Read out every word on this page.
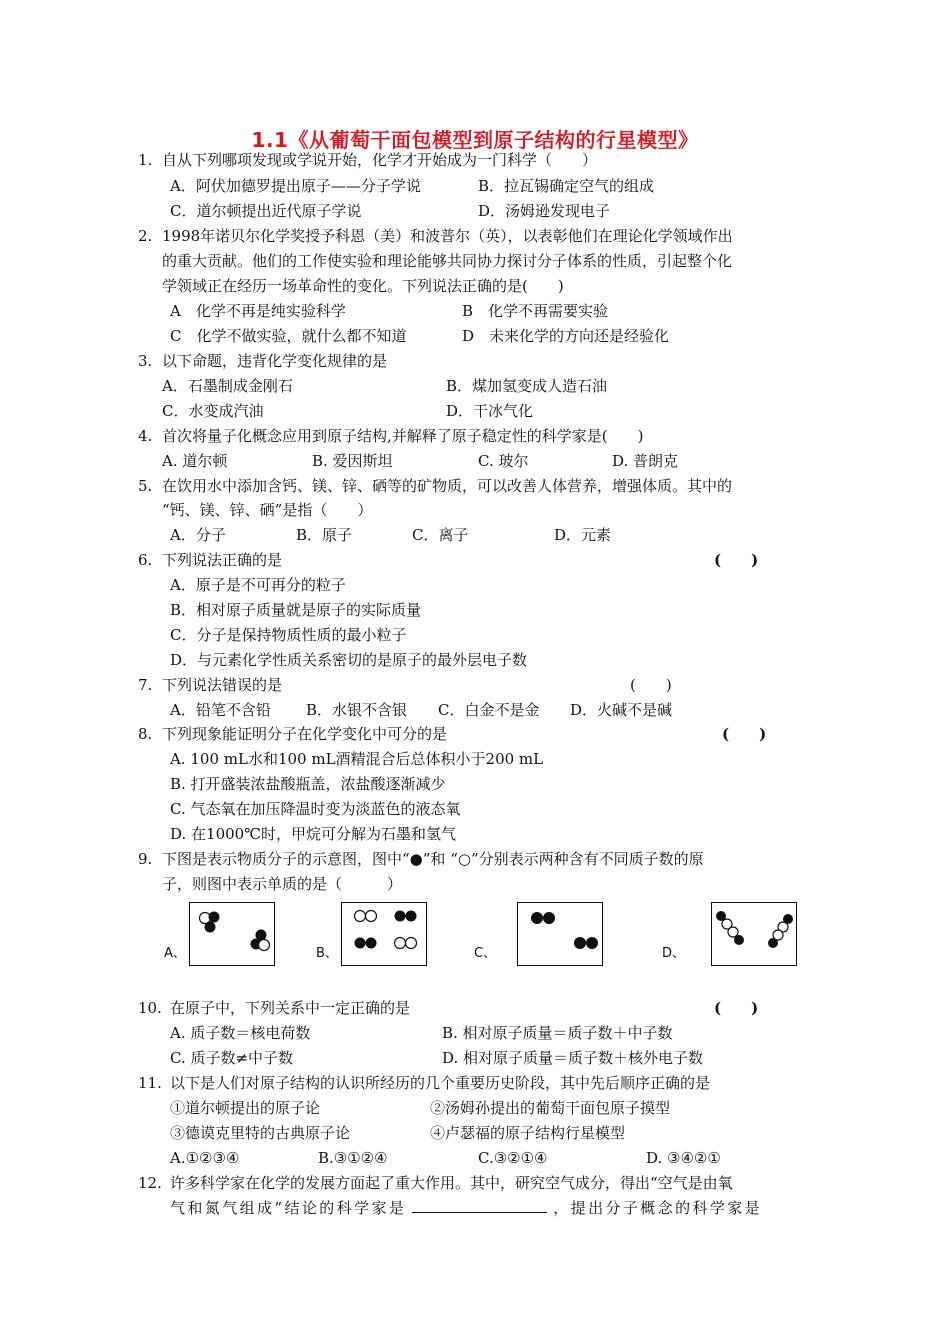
1.1《从葡萄干面包模型到原子结构的行星模型》
1. 自从下列哪项发现或学说开始，化学才开始成为一门科学（　　）
A．阿伏加德罗提出原子——分子学说	B．拉瓦锡确定空气的组成
C．道尔顿提出近代原子学说	D．汤姆逊发现电子
2. 1998年诺贝尔化学奖授予科恩（美）和波普尔（英），以表彰他们在理论化学领域作出
的重大贡献。他们的工作使实验和理论能够共同协力探讨分子体系的性质，引起整个化
学领域正在经历一场革命性的变化。下列说法正确的是(　　)
A　化学不再是纯实验科学	B　化学不再需要实验
C　化学不做实验，就什么都不知道	D　未来化学的方向还是经验化
3. 以下命题，违背化学变化规律的是
A．石墨制成金刚石	B．煤加氢变成人造石油
C．水变成汽油	D．干冰气化
4. 首次将量子化概念应用到原子结构,并解释了原子稳定性的科学家是(　　)
A. 道尔顿	B. 爱因斯坦	C. 玻尔	D. 普朗克
5. 在饮用水中添加含钙、镁、锌、硒等的矿物质，可以改善人体营养，增强体质。其中的
“钙、镁、锌、硒”是指（　　）
A．分子	B．原子	C．离子	D．元素
6. 下列说法正确的是	(　　)
A．原子是不可再分的粒子
B．相对原子质量就是原子的实际质量
C．分子是保持物质性质的最小粒子
D．与元素化学性质关系密切的是原子的最外层电子数
7. 下列说法错误的是	(　　)
A．铅笔不含铅 B．水银不含银 C．白金不是金 D．火碱不是碱
8. 下列现象能证明分子在化学变化中可分的是	(　　)
A. 100 mL水和100 mL酒精混合后总体积小于200 mL
B. 打开盛装浓盐酸瓶盖，浓盐酸逐渐减少
C. 气态氧在加压降温时变为淡蓝色的液态氧
D. 在1000℃时，甲烷可分解为石墨和氢气
9. 下图是表示物质分子的示意图，图中“●”和 “○”分别表示两种含有不同质子数的原
子，则图中表示单质的是（　　　）
A、	B、	C、	D、
10. 在原子中，下列关系中一定正确的是	(　　)
A. 质子数＝核电荷数	B. 相对原子质量＝质子数＋中子数
C. 质子数≠中子数	D. 相对原子质量＝质子数＋核外电子数
11. 以下是人们对原子结构的认识所经历的几个重要历史阶段，其中先后顺序正确的是
①道尔顿提出的原子论	②汤姆孙提出的葡萄干面包原子摸型
③德谟克里特的古典原子论	④卢瑟福的原子结构行星模型
A.①②③④	B.③①②④	C.③②①④	D. ③④②①
12. 许多科学家在化学的发展方面起了重大作用。其中，研究空气成分，得出“空气是由氧
气和氮气组成”结论的科学家是	，提出分子概念的科学家是
